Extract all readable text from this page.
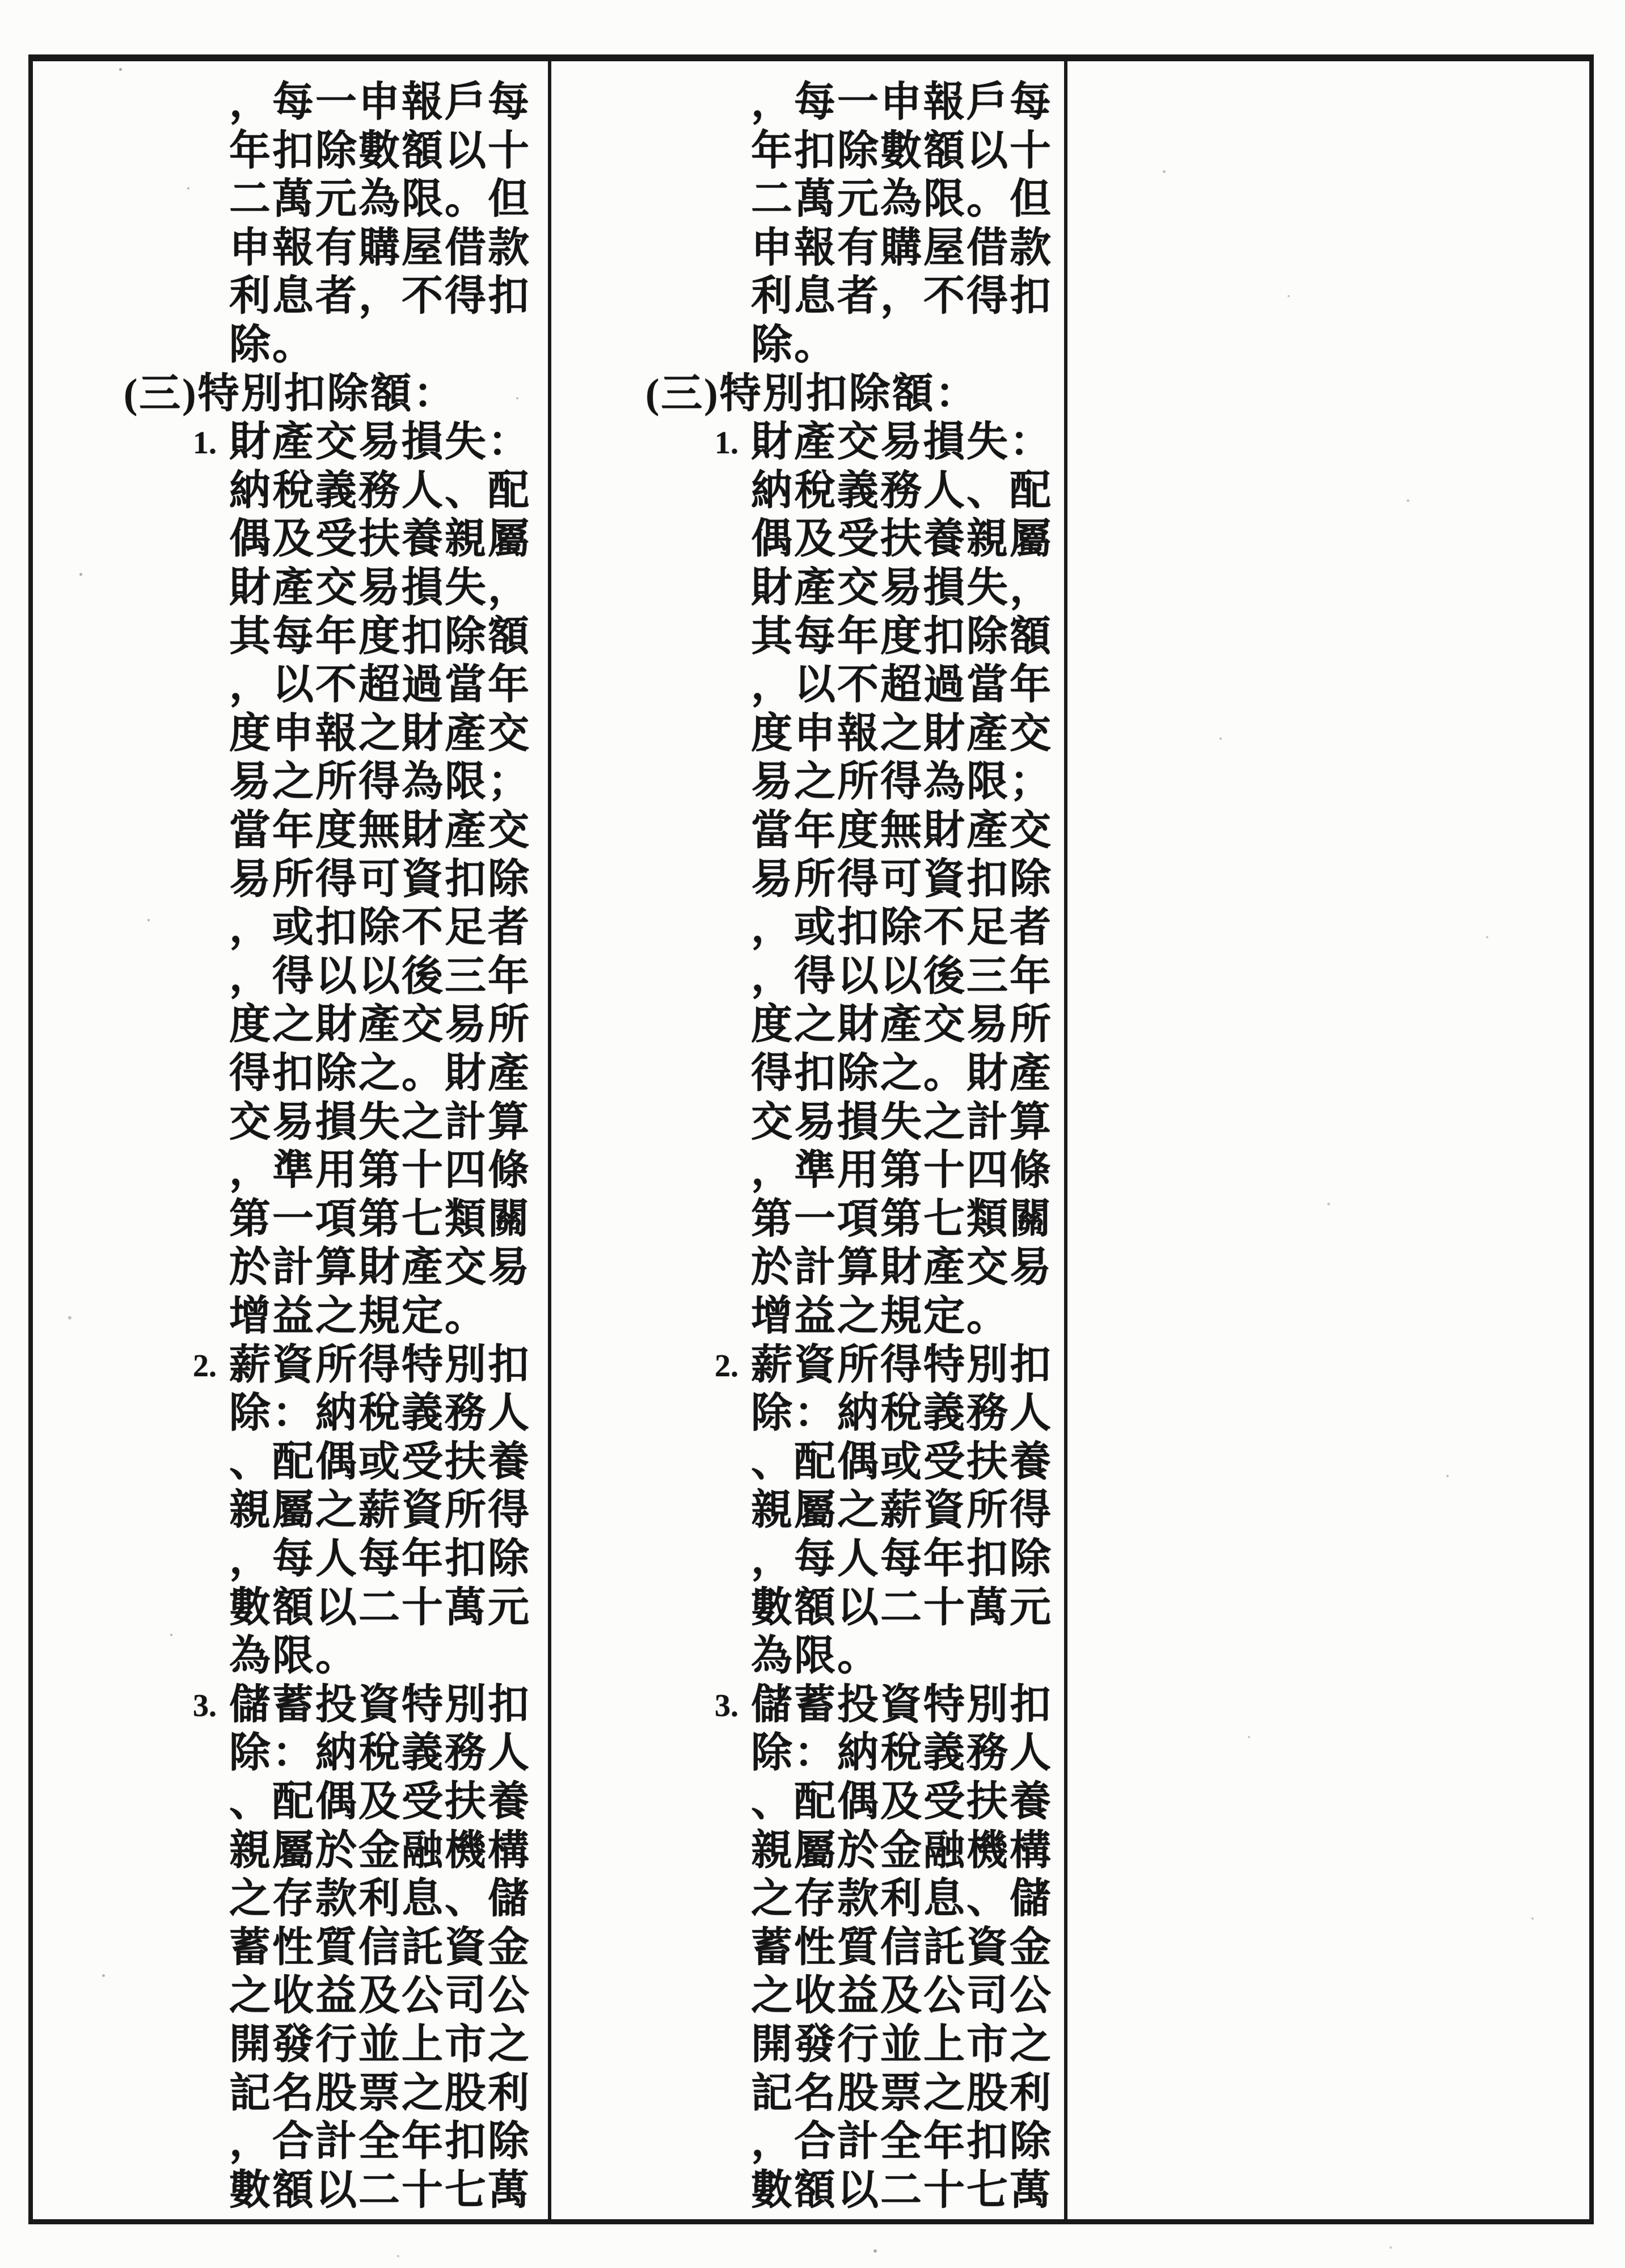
，每一申報戶每
年扣除數額以十
二萬元為限。但
申報有購屋借款
利息者，不得扣
除。
(三)特別扣除額：
1. 財產交易損失：
納稅義務人、配
偶及受扶養親屬
財產交易損失，
其每年度扣除額
，以不超過當年
度申報之財產交
易之所得為限；
當年度無財產交
易所得可資扣除
，或扣除不足者
，得以以後三年
度之財產交易所
得扣除之。財產
交易損失之計算
，準用第十四條
第一項第七類關
於計算財產交易
增益之規定。
2. 薪資所得特別扣
除：納稅義務人
、配偶或受扶養
親屬之薪資所得
，每人每年扣除
數額以二十萬元
為限。
3. 儲蓄投資特別扣
除：納稅義務人
、配偶及受扶養
親屬於金融機構
之存款利息、儲
蓄性質信託資金
之收益及公司公
開發行並上市之
記名股票之股利
，合計全年扣除
數額以二十七萬
，每一申報戶每
年扣除數額以十
二萬元為限。但
申報有購屋借款
利息者，不得扣
除。
(三)特別扣除額：
1. 財產交易損失：
納稅義務人、配
偶及受扶養親屬
財產交易損失，
其每年度扣除額
，以不超過當年
度申報之財產交
易之所得為限；
當年度無財產交
易所得可資扣除
，或扣除不足者
，得以以後三年
度之財產交易所
得扣除之。財產
交易損失之計算
，準用第十四條
第一項第七類關
於計算財產交易
增益之規定。
2. 薪資所得特別扣
除：納稅義務人
、配偶或受扶養
親屬之薪資所得
，每人每年扣除
數額以二十萬元
為限。
3. 儲蓄投資特別扣
除：納稅義務人
、配偶及受扶養
親屬於金融機構
之存款利息、儲
蓄性質信託資金
之收益及公司公
開發行並上市之
記名股票之股利
，合計全年扣除
數額以二十七萬
